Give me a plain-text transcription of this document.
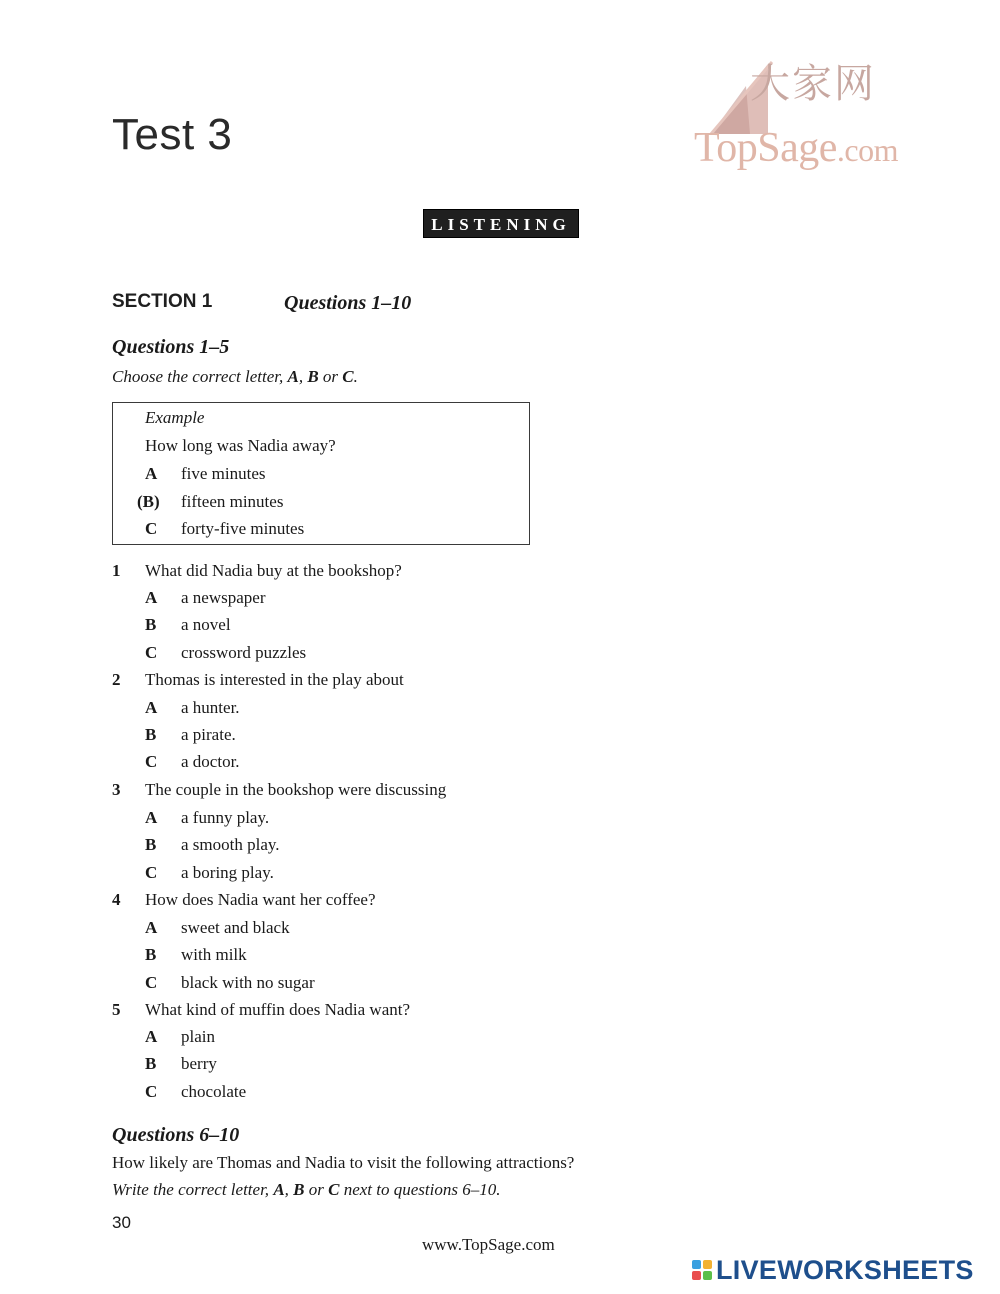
Test 3
大家网
TopSage.com
LISTENING
SECTION 1	Questions 1–10
Questions 1–5
Choose the correct letter, A, B or C.
Example
How long was Nadia away?
A five minutes
(B) fifteen minutes
C forty-five minutes
1 What did Nadia buy at the bookshop?
A a newspaper
B a novel
C crossword puzzles
2 Thomas is interested in the play about
A a hunter.
B a pirate.
C a doctor.
3 The couple in the bookshop were discussing
A a funny play.
B a smooth play.
C a boring play.
4 How does Nadia want her coffee?
A sweet and black
B with milk
C black with no sugar
5 What kind of muffin does Nadia want?
A plain
B berry
C chocolate
Questions 6–10
How likely are Thomas and Nadia to visit the following attractions?
Write the correct letter, A, B or C next to questions 6–10.
30
www.TopSage.com
LIVEWORKSHEETS
